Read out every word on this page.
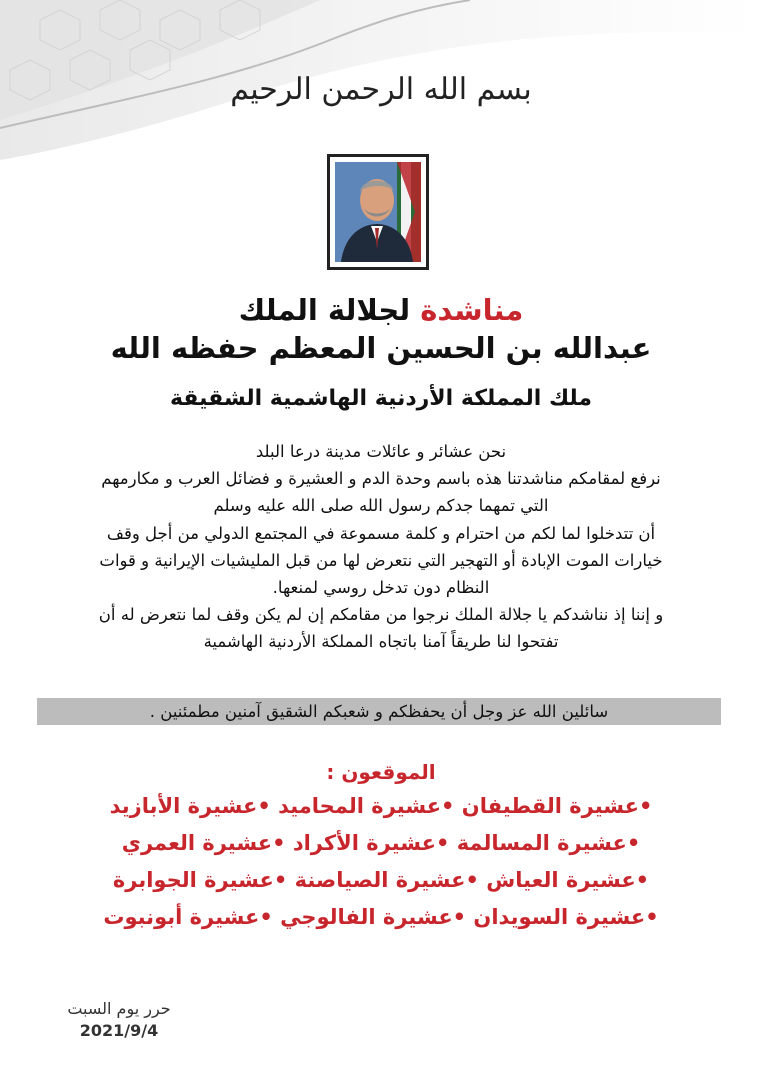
بسم الله الرحمن الرحيم
مناشدة لجلالة الملك
عبدالله بن الحسين المعظم حفظه الله
ملك المملكة الأردنية الهاشمية الشقيقة

نحن عشائر و عائلات مدينة درعا البلد

نرفع لمقامكم مناشدتنا هذه باسم وحدة الدم و العشيرة و فضائل العرب و مكارمهم

التي تمهما جدكم رسول الله صلى الله عليه وسلم

أن تتدخلوا لما لكم من احترام و كلمة مسموعة في المجتمع الدولي من أجل وقف

خيارات الموت الإبادة أو التهجير التي نتعرض لها من قبل المليشيات الإيرانية و قوات

النظام دون تدخل روسي لمنعها.

و إننا إذ نناشدكم يا جلالة الملك نرجوا من مقامكم إن لم يكن وقف لما نتعرض له أن

تفتحوا لنا طريقاً آمنا باتجاه المملكة الأردنية الهاشمية

سائلين الله عز وجل أن يحفظكم و شعبكم الشقيق آمنين مطمئنين .
الموقعون :
•عشيرة القطيفان •عشيرة المحاميد •عشيرة الأبازيد
•عشيرة المسالمة •عشيرة الأكراد •عشيرة العمري
•عشيرة العياش •عشيرة الصياصنة •عشيرة الجوابرة
•عشيرة السويدان •عشيرة الفالوجي •عشيرة أبونبوت
حرر يوم السبت
2021/9/4
